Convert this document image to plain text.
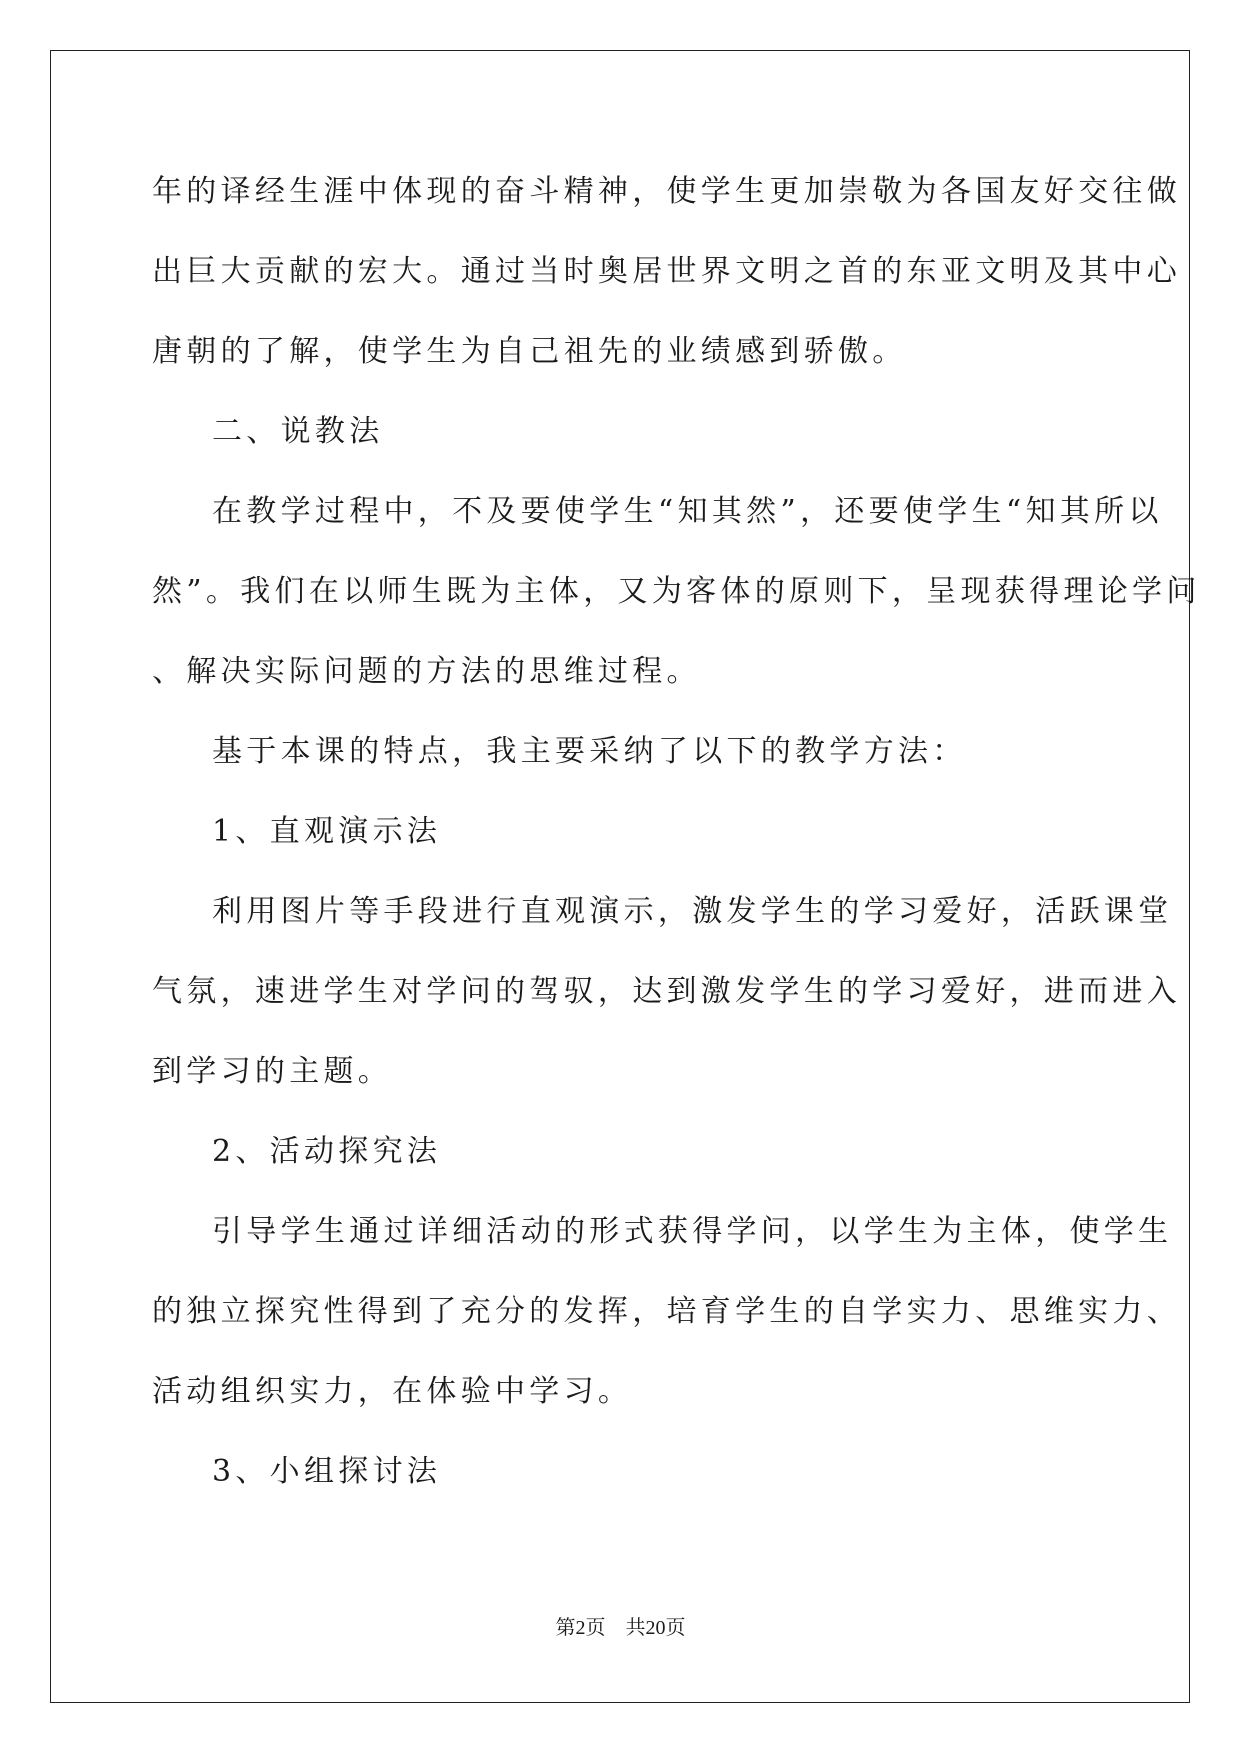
年的译经生涯中体现的奋斗精神，使学生更加崇敬为各国友好交往做

出巨大贡献的宏大。通过当时奥居世界文明之首的东亚文明及其中心

唐朝的了解，使学生为自己祖先的业绩感到骄傲。

二、说教法

在教学过程中，不及要使学生“知其然”，还要使学生“知其所以

然”。我们在以师生既为主体，又为客体的原则下，呈现获得理论学问

、解决实际问题的方法的思维过程。

基于本课的特点，我主要采纳了以下的教学方法：

1、直观演示法

利用图片等手段进行直观演示，激发学生的学习爱好，活跃课堂

气氛，速进学生对学问的驾驭，达到激发学生的学习爱好，进而进入

到学习的主题。

2、活动探究法

引导学生通过详细活动的形式获得学问，以学生为主体，使学生

的独立探究性得到了充分的发挥，培育学生的自学实力、思维实力、

活动组织实力，在体验中学习。

3、小组探讨法

第2页 共20页
